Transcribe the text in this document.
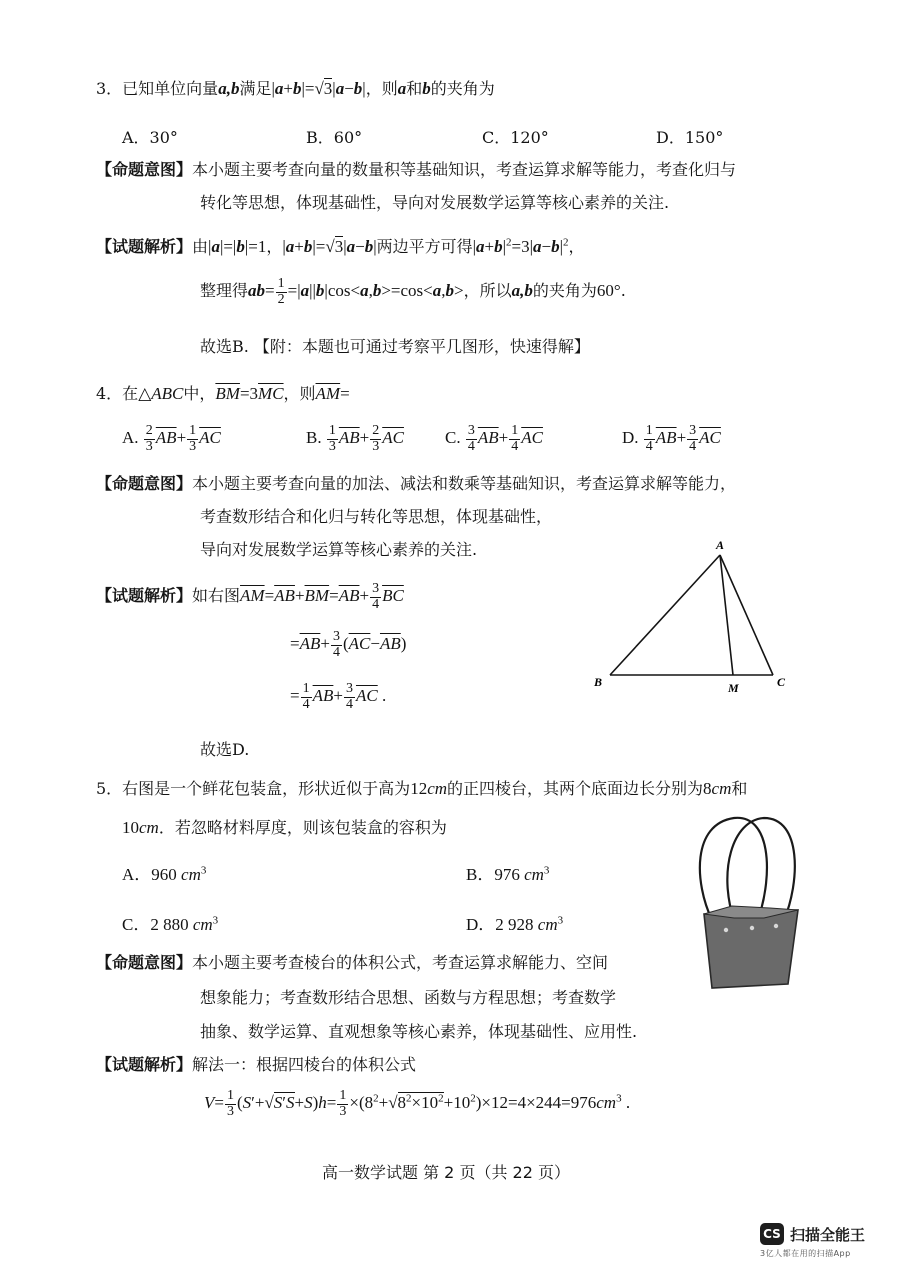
3．已知单位向量a,b满足|a+b|=√3|a−b|，则a和b的夹角为
A．30°	B．60°	C．120°	D．150°
【命题意图】本小题主要考查向量的数量积等基础知识，考查运算求解等能力，考查化归与
转化等思想，体现基础性，导向对发展数学运算等核心素养的关注.
【试题解析】由|a|=|b|=1，|a+b|=√3|a−b|两边平方可得$|a+b|^2=3|a-b|^2$，
整理得$ab= \frac{1}{2} =|a||b|\cos<a,b>=\cos<a,b>$，所以a,b的夹角为60°.
故选B. 【附：本题也可通过考察平几图形，快速得解】
4．在△ABC中，$\overline{BM}=3\overline{MC}$，则$\overline{AM}=$
A. $\frac{2}{3} \overline{AB}+ \frac{1}{3} \overline{AC}$	B. $\frac{1}{3} \overline{AB}+ \frac{2}{3} \overline{AC}$ C. $\frac{3}{4} \overline{AB}+ \frac{1}{4} \overline{AC}$	D. $\frac{1}{4} \overline{AB}+ \frac{3}{4} \overline{AC}$
【命题意图】本小题主要考查向量的加法、减法和数乘等基础知识，考查运算求解等能力，
考查数形结合和化归与转化等思想，体现基础性，
导向对发展数学运算等核心素养的关注.
【试题解析】如右图$\overline{AM}=\overline{AB}+\overline{BM}=\overline{AB}+ \frac{3}{4} \overline{BC}$
$=\overline{AB}+ \frac{3}{4} (\overline{AC}-\overline{AB})$
= $\frac{1}{4} \overline{AB}+ \frac{3}{4} \overline{AC}$ .
故选D.
A
B	C
M
5．右图是一个鲜花包装盒，形状近似于高为12cm的正四棱台，其两个底面边长分别为8cm和
10cm．若忽略材料厚度，则该包装盒的容积为
A．960 $cm^3$	B．976 $cm^3$
C．2 880 $cm^3$	D．2 928 $cm^3$
【命题意图】本小题主要考查棱台的体积公式，考查运算求解能力、空间
想象能力；考查数形结合思想、函数与方程思想；考查数学
抽象、数学运算、直观想象等核心素养，体现基础性、应用性.
【试题解析】解法一：根据四棱台的体积公式
$V= \frac{1}{3} (S'+√S'S+S)h= \frac{1}{3} \times(8^2+√8^2\times 10^2+10^2)\times 12=4\times 244=976cm^3$ .
高一数学试题 第 2 页（共 22 页）
CS 扫描全能王
3亿人都在用的扫描App
